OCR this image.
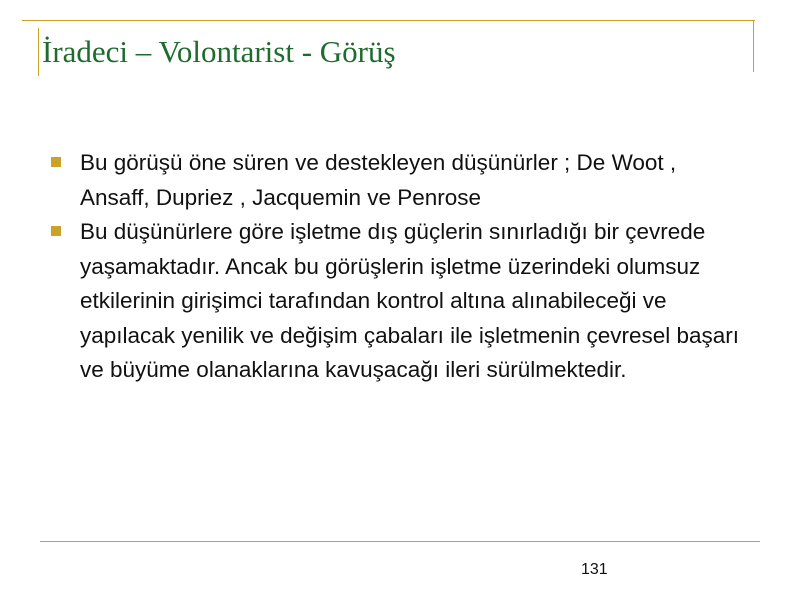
İradeci – Volontarist - Görüş
Bu görüşü öne süren ve destekleyen düşünürler ; De Woot , Ansaff, Dupriez , Jacquemin ve Penrose
Bu düşünürlere göre işletme dış güçlerin sınırladığı bir çevrede yaşamaktadır. Ancak bu görüşlerin işletme üzerindeki olumsuz etkilerinin girişimci tarafından kontrol altına alınabileceği ve yapılacak yenilik ve değişim çabaları ile işletmenin çevresel başarı ve büyüme olanaklarına kavuşacağı ileri sürülmektedir.
131
